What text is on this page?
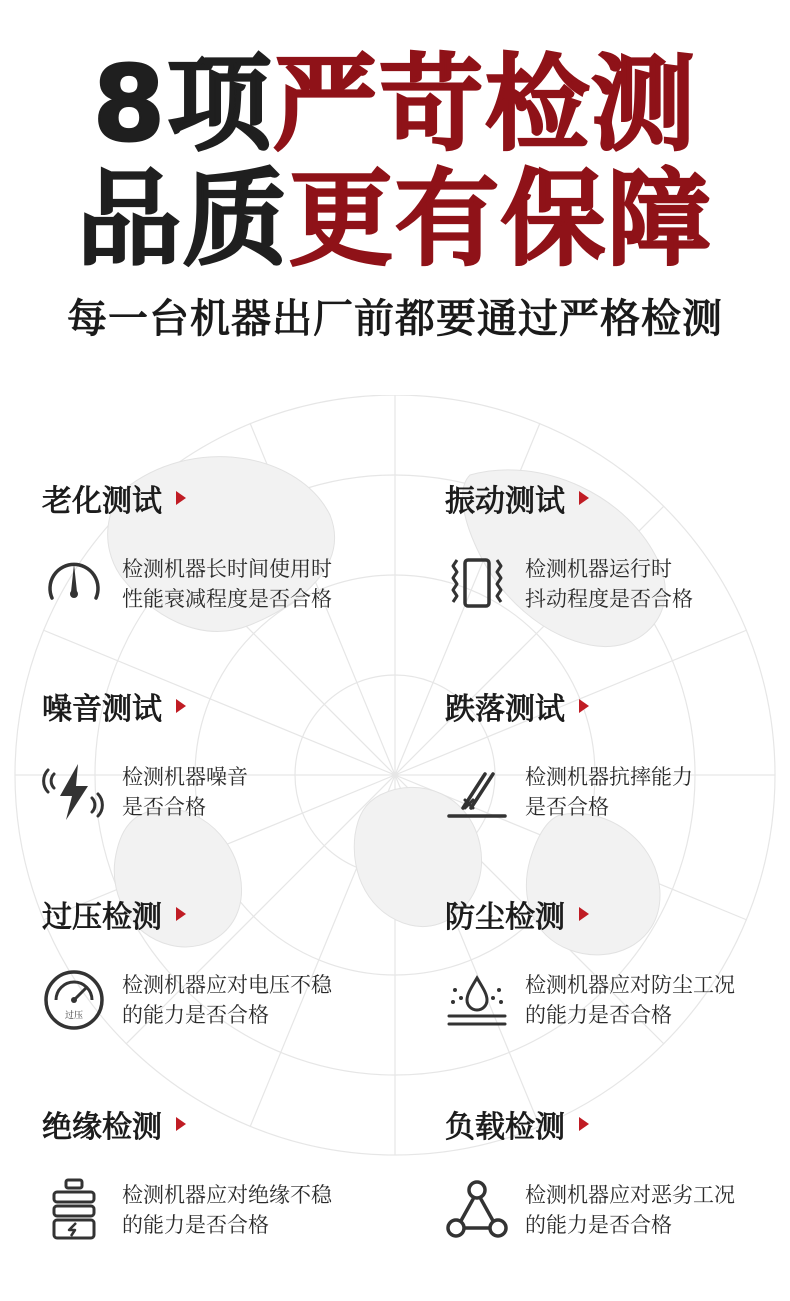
8项严苛检测
品质更有保障
每一台机器出厂前都要通过严格检测
老化测试
检测机器长时间使用时
性能衰减程度是否合格
振动测试
检测机器运行时
抖动程度是否合格
噪音测试
检测机器噪音
是否合格
跌落测试
检测机器抗摔能力
是否合格
过压检测
过压
检测机器应对电压不稳
的能力是否合格
防尘检测
检测机器应对防尘工况
的能力是否合格
绝缘检测
检测机器应对绝缘不稳
的能力是否合格
负载检测
检测机器应对恶劣工况
的能力是否合格
